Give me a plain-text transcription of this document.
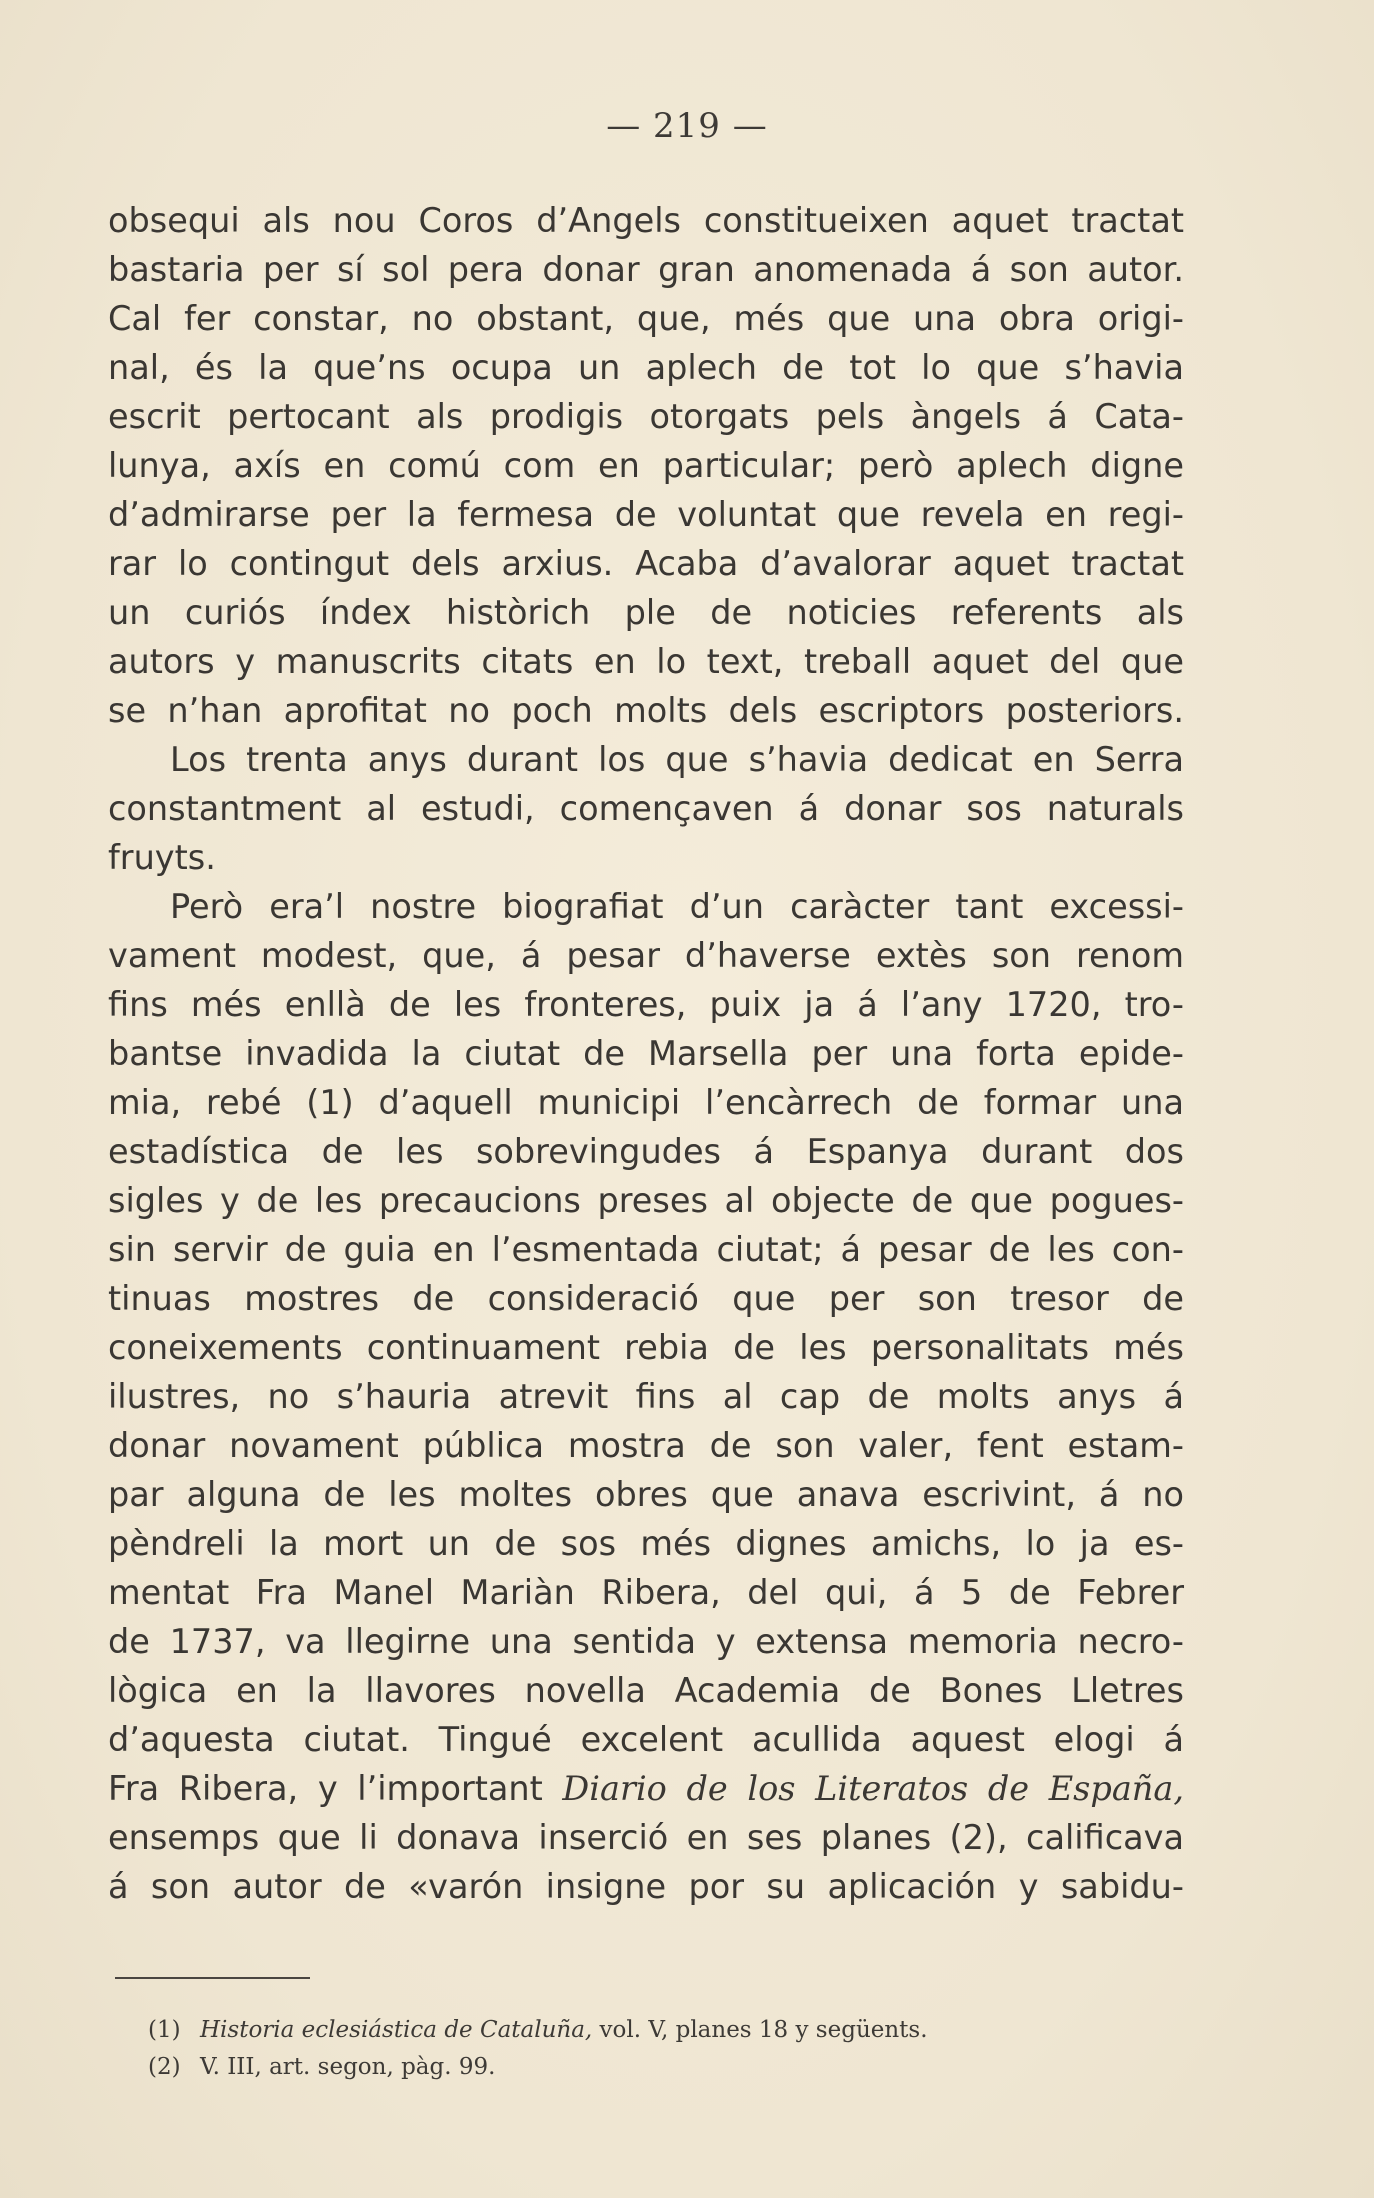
— 219 —
obsequi als nou Coros d’Angels constitueixen aquet tractat
bastaria per sí sol pera donar gran anomenada á son autor.
Cal fer constar, no obstant, que, més que una obra origi-
nal, és la que’ns ocupa un aplech de tot lo que s’havia
escrit pertocant als prodigis otorgats pels àngels á Cata-
lunya, axís en comú com en particular; però aplech digne
d’admirarse per la fermesa de voluntat que revela en regi-
rar lo contingut dels arxius. Acaba d’avalorar aquet tractat
un curiós índex històrich ple de noticies referents als
autors y manuscrits citats en lo text, treball aquet del que
se n’han aprofitat no poch molts dels escriptors posteriors.
Los trenta anys durant los que s’havia dedicat en Serra
constantment al estudi, començaven á donar sos naturals
fruyts.
Però era’l nostre biografiat d’un caràcter tant excessi-
vament modest, que, á pesar d’haverse extès son renom
fins més enllà de les fronteres, puix ja á l’any 1720, tro-
bantse invadida la ciutat de Marsella per una forta epide-
mia, rebé (1) d’aquell municipi l’encàrrech de formar una
estadística de les sobrevingudes á Espanya durant dos
sigles y de les precaucions preses al objecte de que pogues-
sin servir de guia en l’esmentada ciutat; á pesar de les con-
tinuas mostres de consideració que per son tresor de
coneixements continuament rebia de les personalitats més
ilustres, no s’hauria atrevit fins al cap de molts anys á
donar novament pública mostra de son valer, fent estam-
par alguna de les moltes obres que anava escrivint, á no
pèndreli la mort un de sos més dignes amichs, lo ja es-
mentat Fra Manel Mariàn Ribera, del qui, á 5 de Febrer
de 1737, va llegirne una sentida y extensa memoria necro-
lògica en la llavores novella Academia de Bones Lletres
d’aquesta ciutat. Tingué excelent acullida aquest elogi á
Fra Ribera, y l’important Diario de los Literatos de España,
ensemps que li donava inserció en ses planes (2), calificava
á son autor de «varón insigne por su aplicación y sabidu-
(1) Historia eclesiástica de Cataluña, vol. V, planes 18 y següents.
(2) V. III, art. segon, pàg. 99.
